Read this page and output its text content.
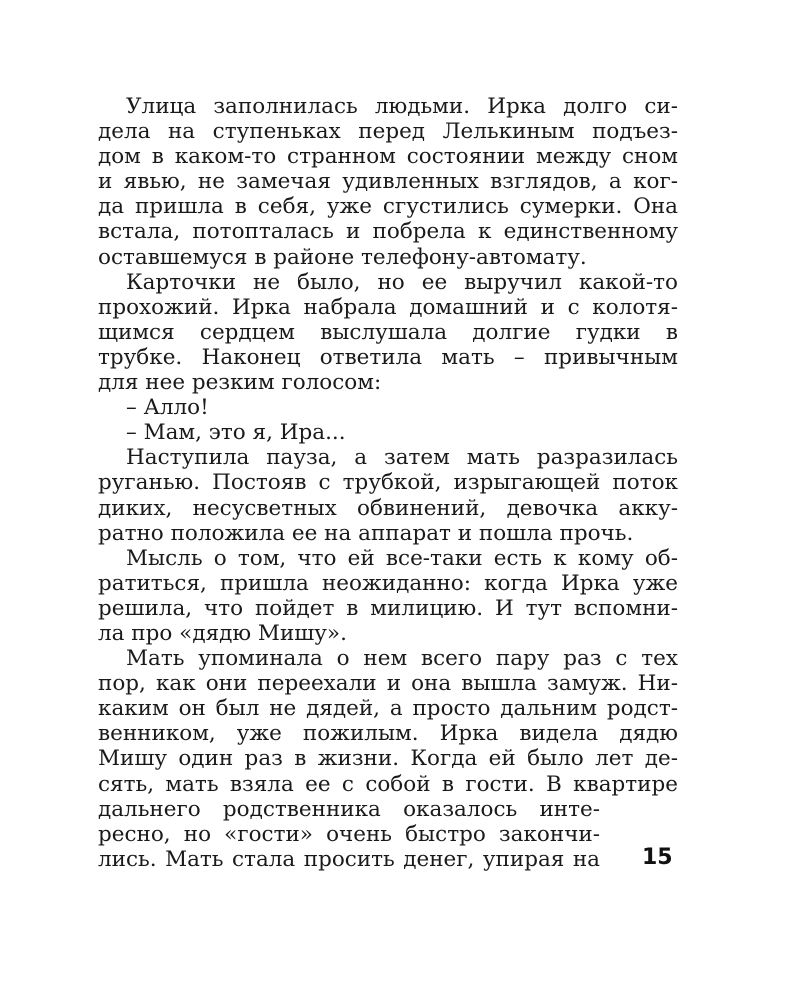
Улица заполнилась людьми. Ирка долго си-
дела на ступеньках перед Лелькиным подъез-
дом в каком-то странном состоянии между сном
и явью, не замечая удивленных взглядов, а ког-
да пришла в себя, уже сгустились сумерки. Она
встала, потопталась и побрела к единственному
оставшемуся в районе телефону-автомату.
Карточки не было, но ее выручил какой-то
прохожий. Ирка набрала домашний и с колотя-
щимся сердцем выслушала долгие гудки в
трубке. Наконец ответила мать – привычным
для нее резким голосом:
– Алло!
– Мам, это я, Ира...
Наступила пауза, а затем мать разразилась
руганью. Постояв с трубкой, изрыгающей поток
диких, несусветных обвинений, девочка акку-
ратно положила ее на аппарат и пошла прочь.
Мысль о том, что ей все-таки есть к кому об-
ратиться, пришла неожиданно: когда Ирка уже
решила, что пойдет в милицию. И тут вспомни-
ла про «дядю Мишу».
Мать упоминала о нем всего пару раз с тех
пор, как они переехали и она вышла замуж. Ни-
каким он был не дядей, а просто дальним родст-
венником, уже пожилым. Ирка видела дядю
Мишу один раз в жизни. Когда ей было лет де-
сять, мать взяла ее с собой в гости. В квартире
дальнего родственника оказалось инте-
ресно, но «гости» очень быстро закончи-
лись. Мать стала просить денег, упирая на 15
